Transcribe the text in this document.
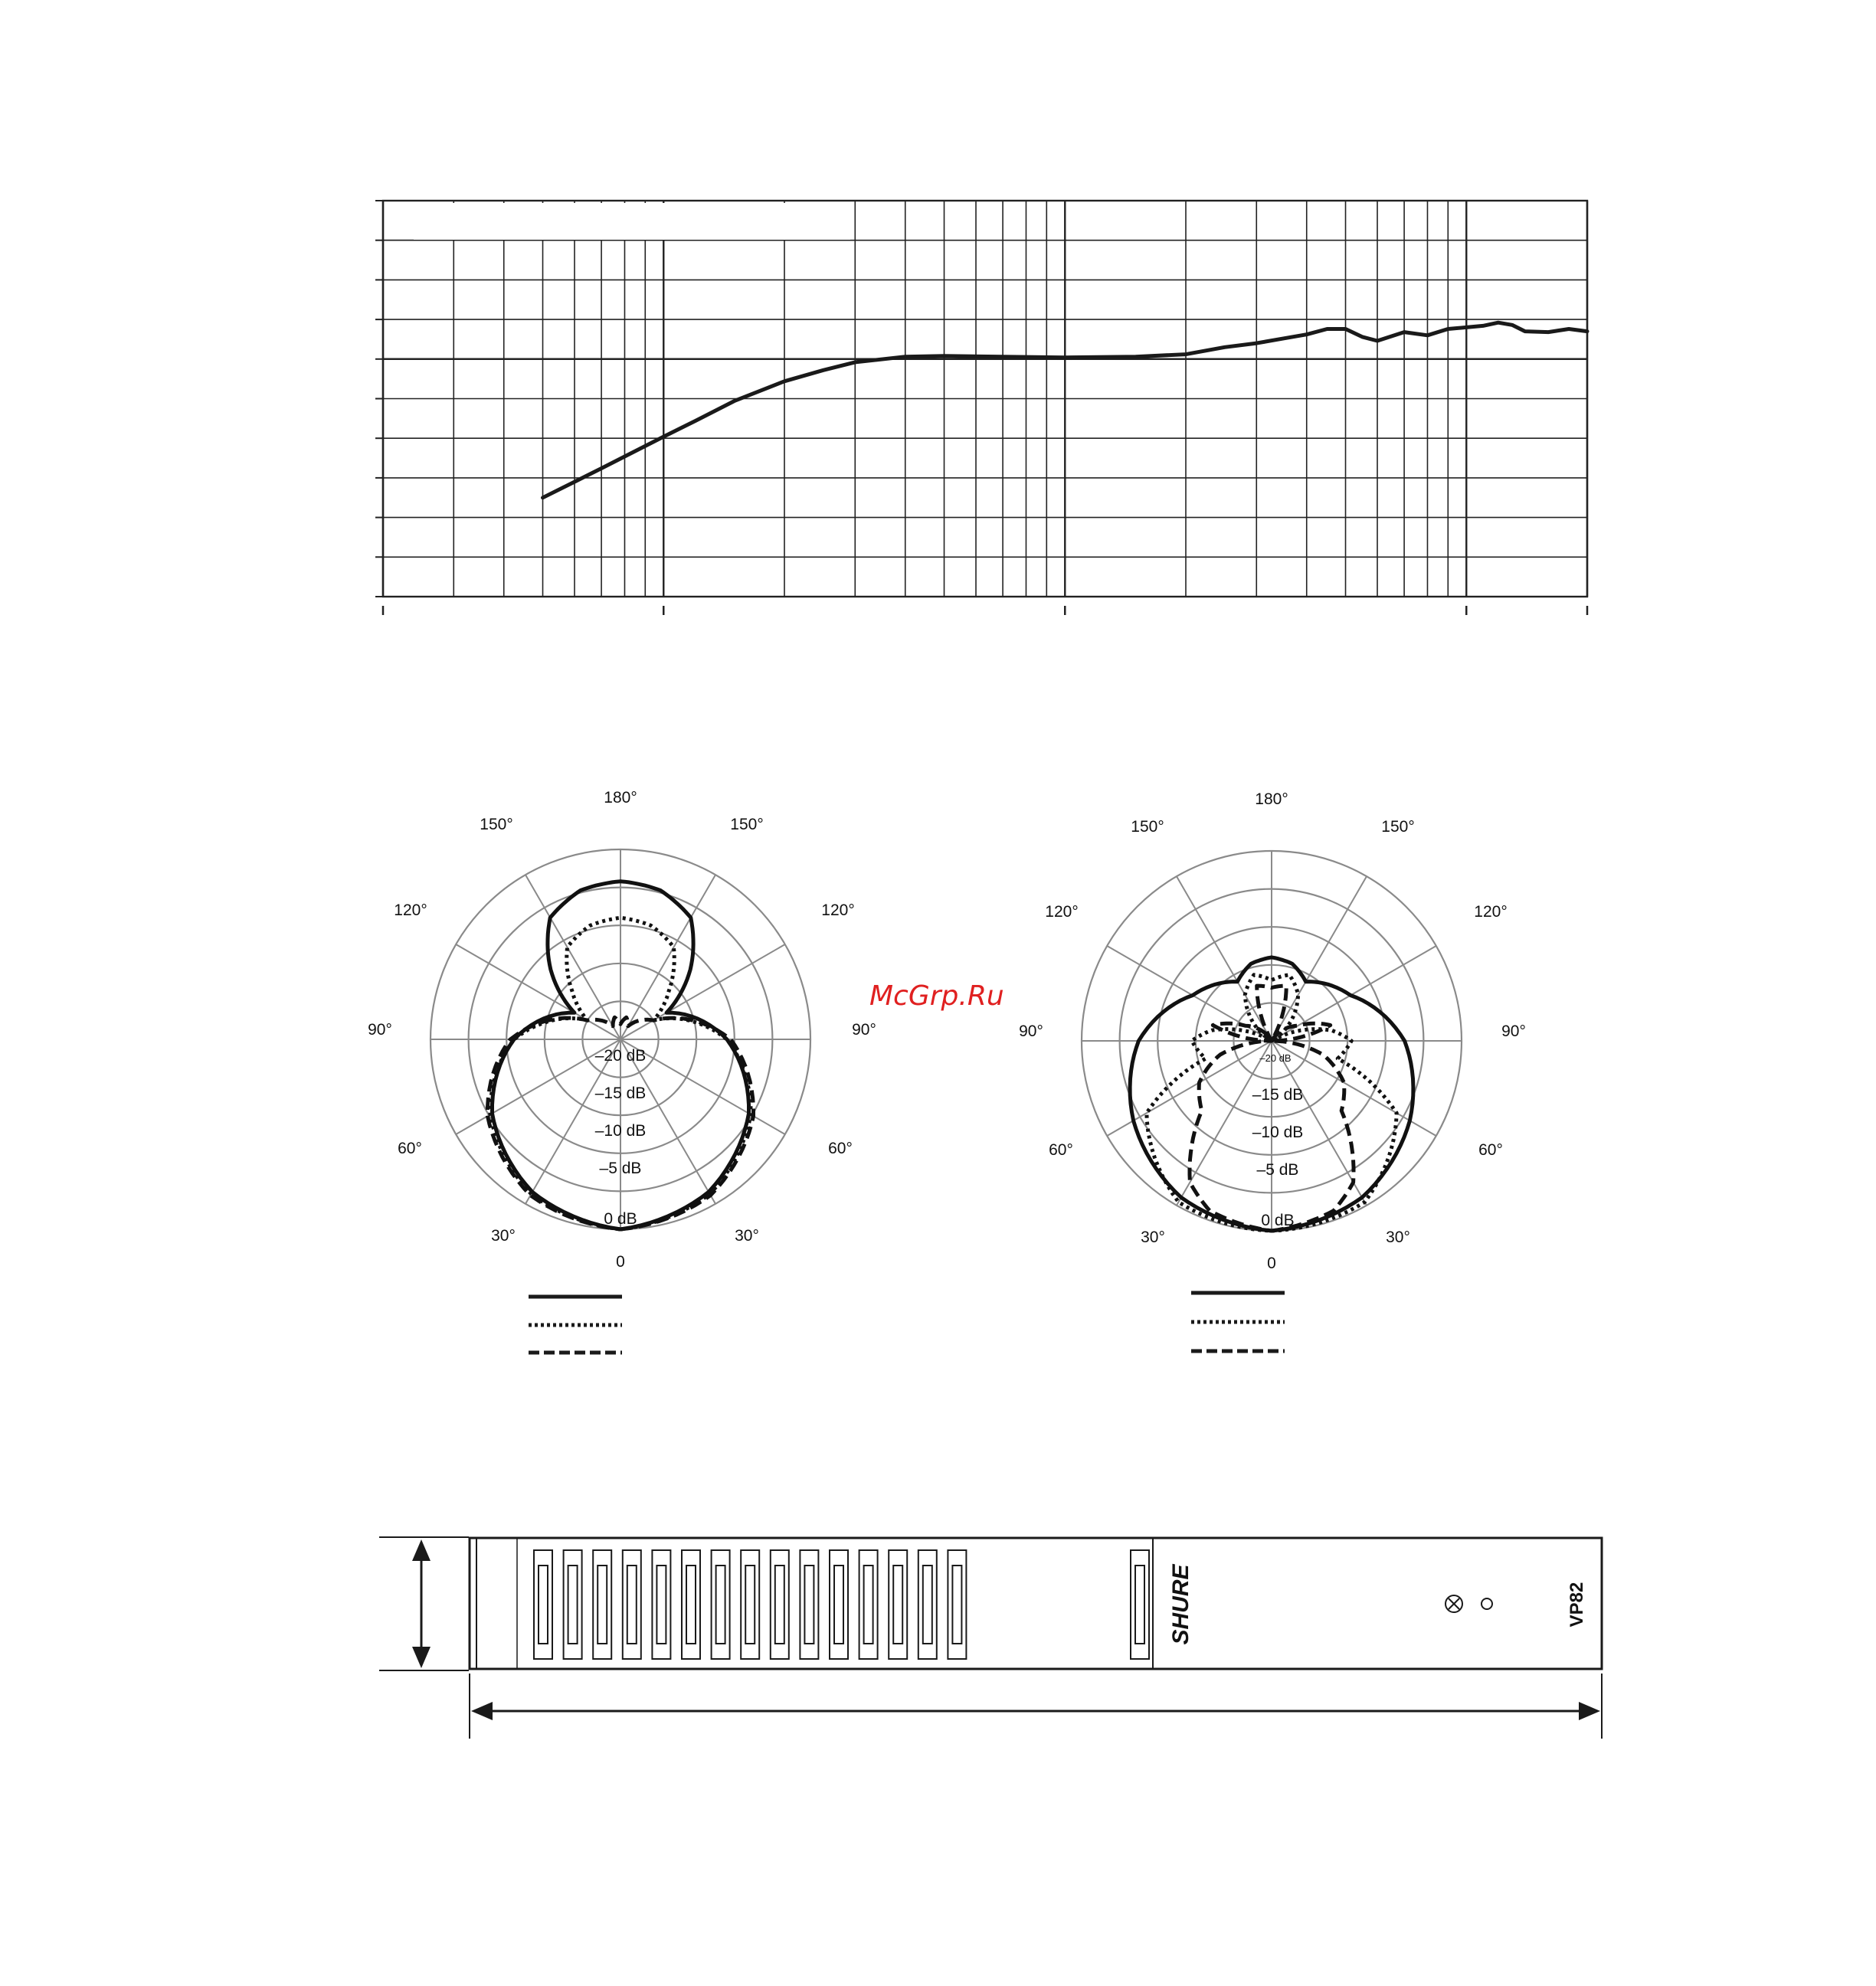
180°
150°	150°
120°	120°
90°	90°
60°	60°
30°	30°
0
0 dB
–5 dB
–10 dB
–15 dB
–20 dB
180°
150°	150°
120°	120°
90°	90°
60°	60°
30°	30°
0
0 dB
–5 dB
–10 dB
–15 dB
–20 dB
McGrp.Ru
SHURE	VP82
